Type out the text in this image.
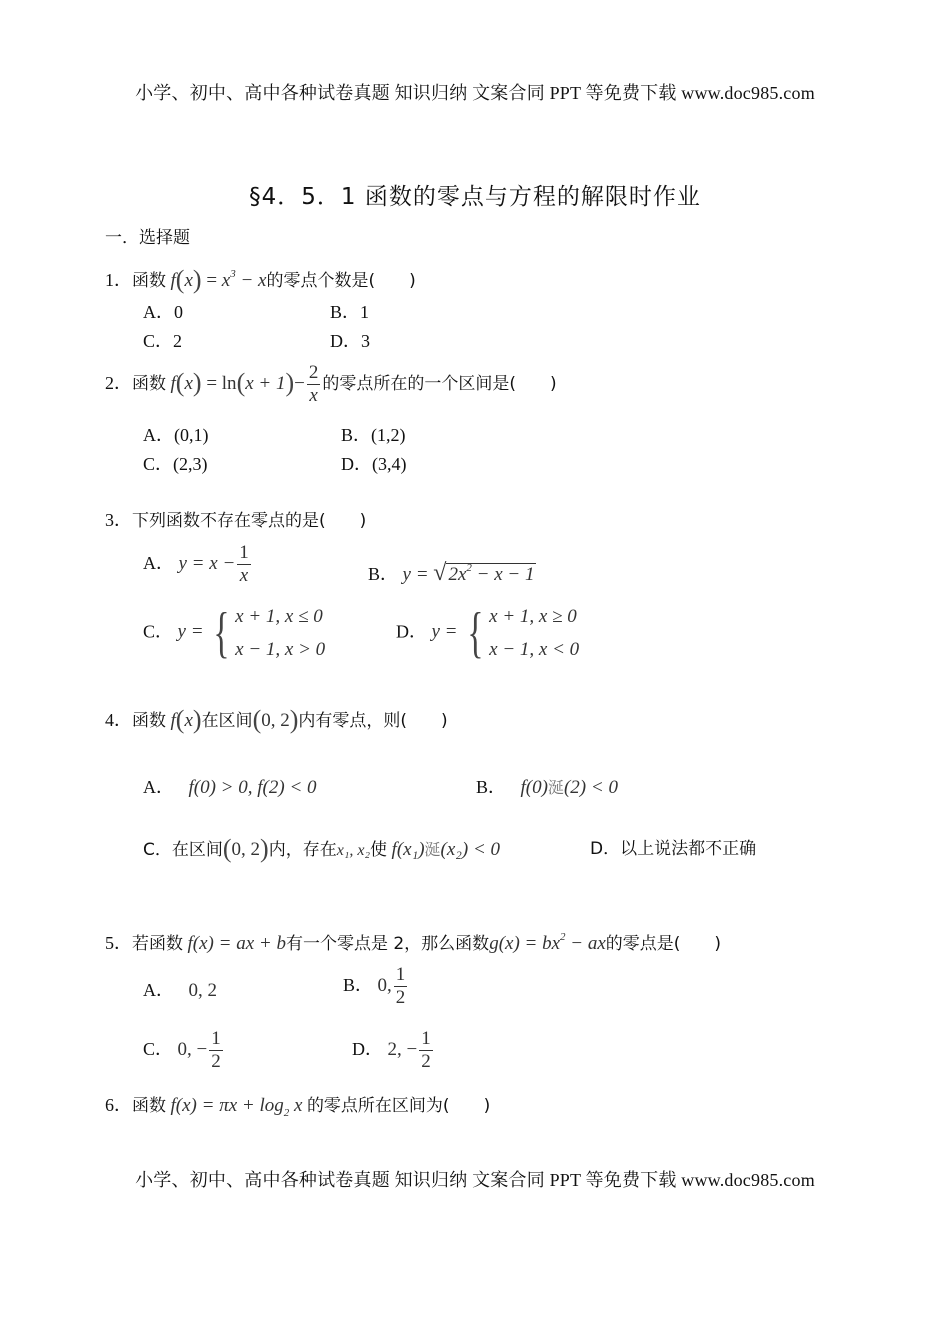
小学、初中、高中各种试卷真题 知识归纳 文案合同 PPT 等免费下载 www.doc985.com
§4．5．1 函数的零点与方程的解限时作业
一．选择题
1．函数 $f(x) = x^3 - x$的零点个数是(　　)
A．0	B．1
C．2	D．3
2．函数 $f(x) = \ln(x + 1)- \frac{2}{x}$ 的零点所在的一个区间是(　　)
A．(0,1)	B．(1,2)
C．(2,3)	D．(3,4)
3．下列函数不存在零点的是(　　)
A． $y = x - \frac{1}{x}$	B． y = √ $2x^2 - x - 1$
C． y = { x + 1, x ≤ 0
x − 1, x > 0
D． y = { x + 1, x ≥ 0
x − 1, x < 0
4．函数 f(x)在区间(0, 2)内有零点，则(　　)
A． f(0) > 0, f(2) < 0	B． f(0)涎(2) < 0
C．在区间(0, 2)内，存在x₁, x₂使 f(x₁)涎(x₂) < 0	D．以上说法都不正确
5．若函数 f(x) = ax + b有一个零点是 2，那么函数$g(x) = bx^2$ − ax的零点是(　　)
A． 0, 2	B． 0, $\frac{1}{2}$
C． 0, − $\frac{1}{2}$	D． 2, − $\frac{1}{2}$
6．函数 $f(x) = \pi x + \log_2 x$ 的零点所在区间为(　　)
小学、初中、高中各种试卷真题 知识归纳 文案合同 PPT 等免费下载 www.doc985.com
